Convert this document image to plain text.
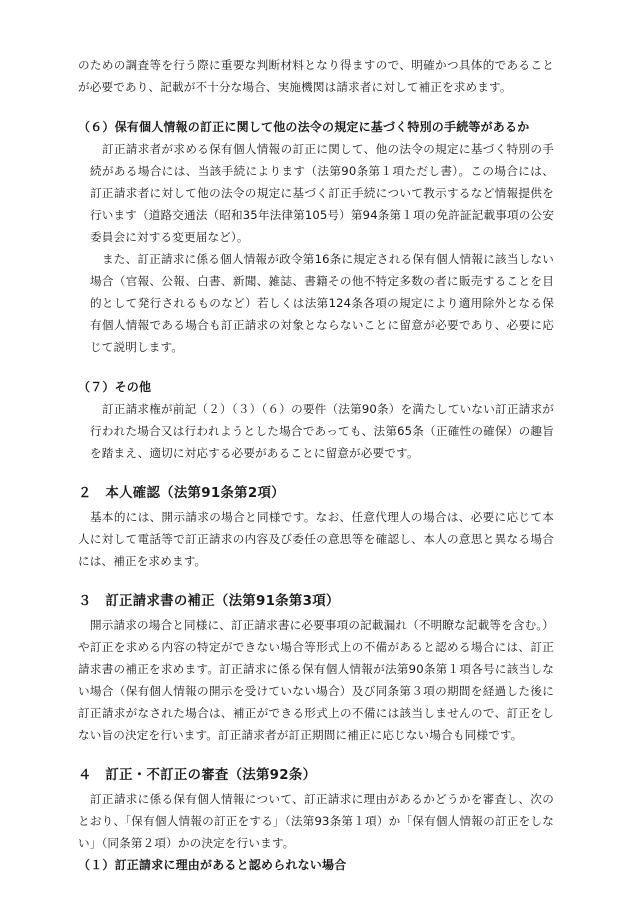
のための調査等を行う際に重要な判断材料となり得ますので、明確かつ具体的であることが必要であり、記載が不十分な場合、実施機関は請求者に対して補正を求めます。

（６）保有個人情報の訂正に関して他の法令の規定に基づく特別の手続等があるか

訂正請求者が求める保有個人情報の訂正に関して、他の法令の規定に基づく特別の手続がある場合には、当該手続によります（法第90条第１項ただし書）。この場合には、訂正請求者に対して他の法令の規定に基づく訂正手続について教示するなど情報提供を行います（道路交通法（昭和35年法律第105号）第94条第１項の免許証記載事項の公安委員会に対する変更届など）。

また、訂正請求に係る個人情報が政令第16条に規定される保有個人情報に該当しない場合（官報、公報、白書、新聞、雑誌、書籍その他不特定多数の者に販売することを目的として発行されるものなど）若しくは法第124条各項の規定により適用除外となる保有個人情報である場合も訂正請求の対象とならないことに留意が必要であり、必要に応じて説明します。

（７）その他

訂正請求権が前記（２）（３）（６）の要件（法第90条）を満たしていない訂正請求が行われた場合又は行われようとした場合であっても、法第65条（正確性の確保）の趣旨を踏まえ、適切に対応する必要があることに留意が必要です。

２　本人確認（法第91条第2項）

基本的には、開示請求の場合と同様です。なお、任意代理人の場合は、必要に応じて本人に対して電話等で訂正請求の内容及び委任の意思等を確認し、本人の意思と異なる場合には、補正を求めます。

３　訂正請求書の補正（法第91条第3項）

開示請求の場合と同様に、訂正請求書に必要事項の記載漏れ（不明瞭な記載等を含む。）や訂正を求める内容の特定ができない場合等形式上の不備があると認める場合には、訂正請求書の補正を求めます。訂正請求に係る保有個人情報が法第90条第１項各号に該当しない場合（保有個人情報の開示を受けていない場合）及び同条第３項の期間を経過した後に訂正請求がなされた場合は、補正ができる形式上の不備には該当しませんので、訂正をしない旨の決定を行います。訂正請求者が訂正期間に補正に応じない場合も同様です。

４　訂正・不訂正の審査（法第92条）

訂正請求に係る保有個人情報について、訂正請求に理由があるかどうかを審査し、次のとおり、「保有個人情報の訂正をする」（法第93条第１項）か「保有個人情報の訂正をしない」（同条第２項）かの決定を行います。

（１）訂正請求に理由があると認められない場合
